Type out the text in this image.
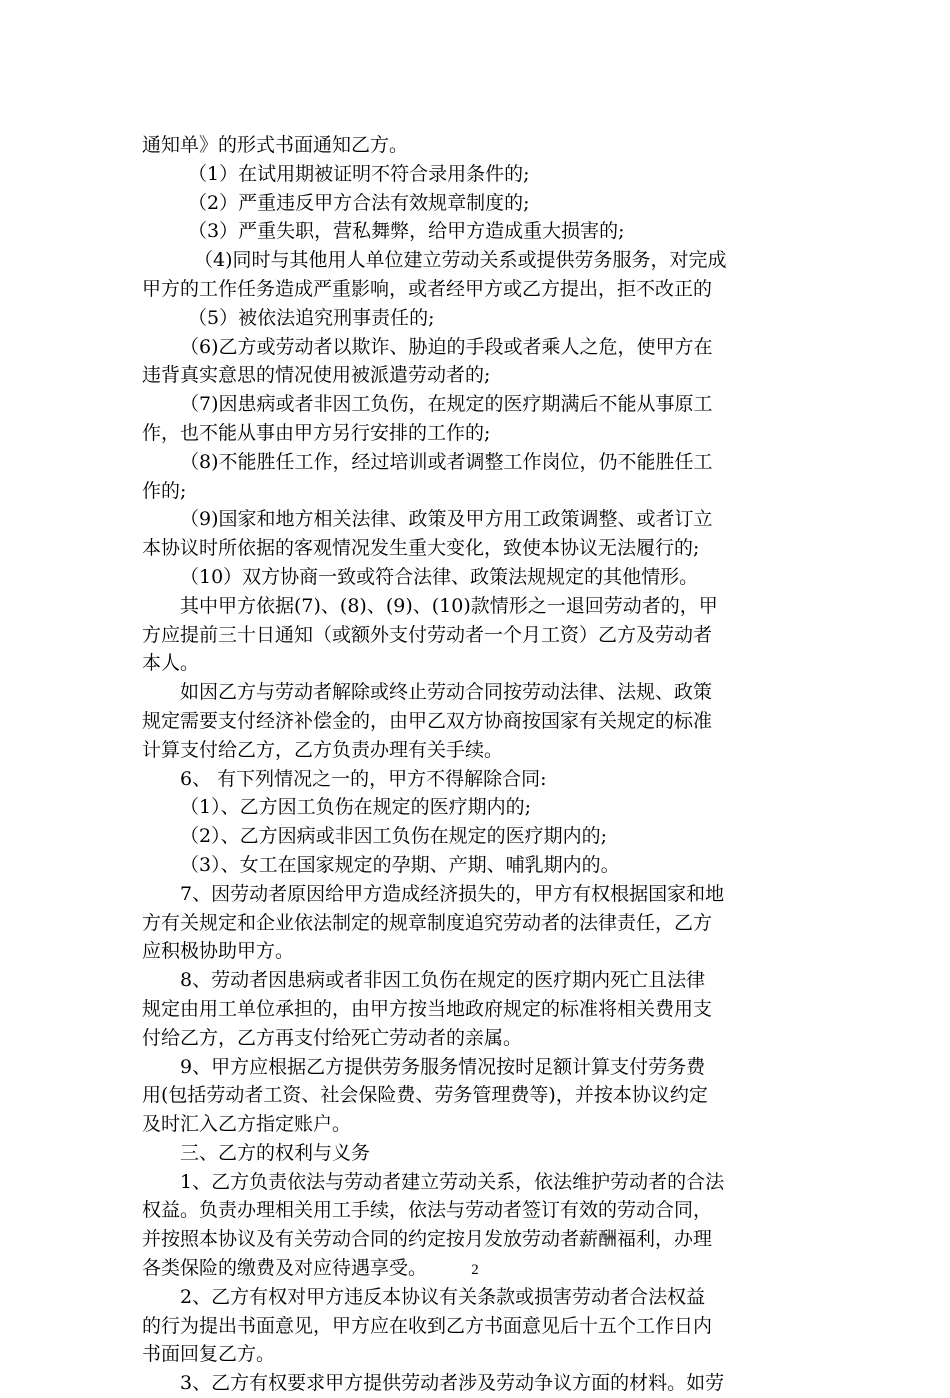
通知单》的形式书面通知乙方。
（1）在试用期被证明不符合录用条件的;
（2）严重违反甲方合法有效规章制度的;
（3）严重失职，营私舞弊，给甲方造成重大损害的;
（4)同时与其他用人单位建立劳动关系或提供劳务服务，对完成
甲方的工作任务造成严重影响，或者经甲方或乙方提出，拒不改正的
（5）被依法追究刑事责任的;
（6)乙方或劳动者以欺诈、胁迫的手段或者乘人之危，使甲方在
违背真实意思的情况使用被派遣劳动者的;
（7)因患病或者非因工负伤，在规定的医疗期满后不能从事原工
作，也不能从事由甲方另行安排的工作的;
（8)不能胜任工作，经过培训或者调整工作岗位，仍不能胜任工
作的;
（9)国家和地方相关法律、政策及甲方用工政策调整、或者订立
本协议时所依据的客观情况发生重大变化，致使本协议无法履行的;
（10）双方协商一致或符合法律、政策法规规定的其他情形。
其中甲方依据(7)、(8)、(9)、(10)款情形之一退回劳动者的，甲
方应提前三十日通知（或额外支付劳动者一个月工资）乙方及劳动者
本人。
如因乙方与劳动者解除或终止劳动合同按劳动法律、法规、政策
规定需要支付经济补偿金的，由甲乙双方协商按国家有关规定的标准
计算支付给乙方，乙方负责办理有关手续。
6、 有下列情况之一的，甲方不得解除合同:
（1）、乙方因工负伤在规定的医疗期内的;
（2）、乙方因病或非因工负伤在规定的医疗期内的;
（3）、女工在国家规定的孕期、产期、哺乳期内的。
7、因劳动者原因给甲方造成经济损失的，甲方有权根据国家和地
方有关规定和企业依法制定的规章制度追究劳动者的法律责任，乙方
应积极协助甲方。
8、劳动者因患病或者非因工负伤在规定的医疗期内死亡且法律
规定由用工单位承担的，由甲方按当地政府规定的标准将相关费用支
付给乙方，乙方再支付给死亡劳动者的亲属。
9、甲方应根据乙方提供劳务服务情况按时足额计算支付劳务费
用(包括劳动者工资、社会保险费、劳务管理费等)，并按本协议约定
及时汇入乙方指定账户。
三、乙方的权利与义务
1、乙方负责依法与劳动者建立劳动关系，依法维护劳动者的合法
权益。负责办理相关用工手续，依法与劳动者签订有效的劳动合同，
并按照本协议及有关劳动合同的约定按月发放劳动者薪酬福利，办理
各类保险的缴费及对应待遇享受。
2、乙方有权对甲方违反本协议有关条款或损害劳动者合法权益
的行为提出书面意见，甲方应在收到乙方书面意见后十五个工作日内
书面回复乙方。
3、乙方有权要求甲方提供劳动者涉及劳动争议方面的材料。如劳
2
